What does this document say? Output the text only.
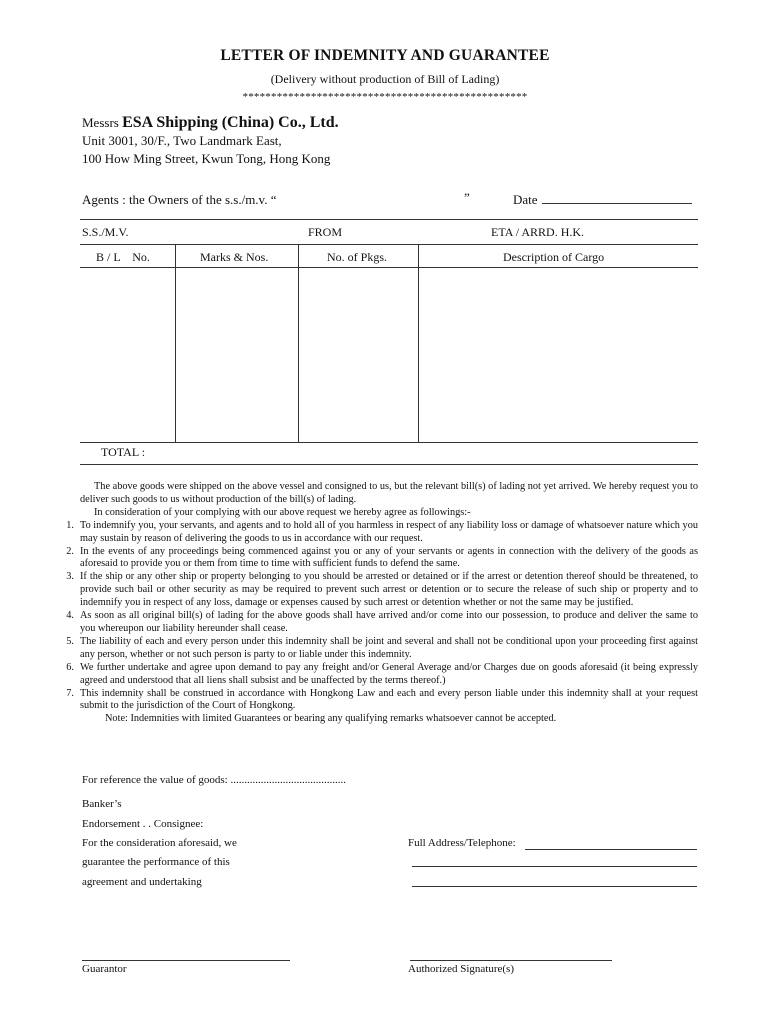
LETTER OF INDEMNITY AND GUARANTEE
(Delivery without production of Bill of Lading)
**************************************************
Messrs ESA Shipping (China) Co., Ltd.
Unit 3001, 30/F., Two Landmark East,
100 How Ming Street, Kwun Tong, Hong Kong
Agents : the Owners of the s.s./m.v. “	”	Date
S.S./M.V.	FROM	ETA / ARRD. H.K.
B / L    No.	Marks & Nos.	No. of Pkgs.	Description of Cargo
TOTAL :
The above goods were shipped on the above vessel and consigned to us, but the relevant bill(s) of lading not yet arrived. We hereby request you to deliver such goods to us without production of the bill(s) of lading.
In consideration of your complying with our above request we hereby agree as followings:-
1. To indemnify you, your servants, and agents and to hold all of you harmless in respect of any liability loss or damage of whatsoever nature which you may sustain by reason of delivering the goods to us in accordance with our request.
2. In the events of any proceedings being commenced against you or any of your servants or agents in connection with the delivery of the goods as aforesaid to provide you or them from time to time with sufficient funds to defend the same.
3. If the ship or any other ship or property belonging to you should be arrested or detained or if the arrest or detention thereof should be threatened, to provide such bail or other security as may be required to prevent such arrest or detention or to secure the release of such ship or property and to indemnify you in respect of any loss, damage or expenses caused by such arrest or detention whether or not the same may be justified.
4. As soon as all original bill(s) of lading for the above goods shall have arrived and/or come into our possession, to produce and deliver the same to you whereupon our liability hereunder shall cease.
5. The liability of each and every person under this indemnity shall be joint and several and shall not be conditional upon your proceeding first against any person, whether or not such person is party to or liable under this indemnity.
6. We further undertake and agree upon demand to pay any freight and/or General Average and/or Charges due on goods aforesaid (it being expressly agreed and understood that all liens shall subsist and be unaffected by the terms thereof.)
7. This indemnity shall be construed in accordance with Hongkong Law and each and every person liable under this indemnity shall at your request submit to the jurisdiction of the Court of Hongkong.
Note: Indemnities with limited Guarantees or bearing any qualifying remarks whatsoever cannot be accepted.
For reference the value of goods: ..........................................
Banker’s
Endorsement . . Consignee:
For the consideration aforesaid, we
guarantee the performance of this
agreement and undertaking
Full Address/Telephone:
Guarantor	Authorized Signature(s)
